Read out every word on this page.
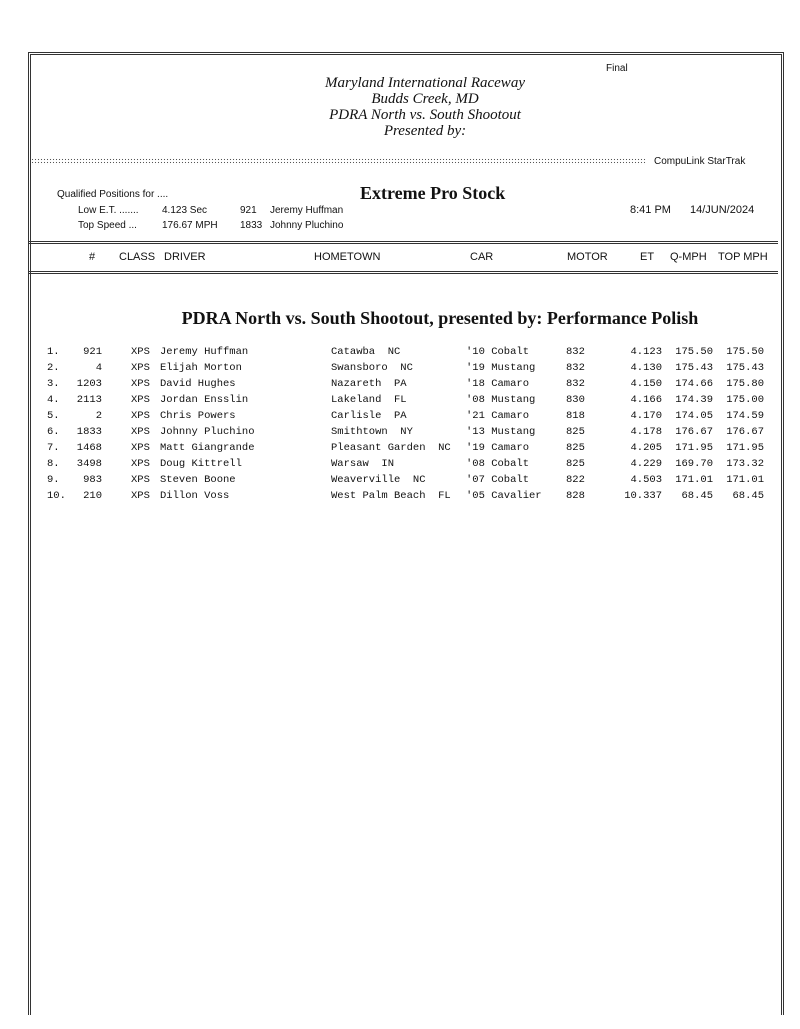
Final
Maryland International Raceway
Budds Creek, MD
PDRA North vs. South Shootout
Presented by:
CompuLink StarTrak
Qualified Positions for ....
Low E.T. ....... 4.123 Sec	921 Jeremy Huffman
Top Speed ...	176.67 MPH 1833 Johnny Pluchino
Extreme Pro Stock
8:41 PM 14/JUN/2024
# CLASS DRIVER	HOMETOWN	CAR	MOTOR	ET Q-MPH TOP MPH
PDRA North vs. South Shootout, presented by: Performance Polish
1.	921	XPS Jeremy Huffman	Catawba  NC	'10 Cobalt	832	4.123	175.50	175.50
2.	4	XPS Elijah Morton	Swansboro  NC	'19 Mustang	832	4.130	175.43	175.43
3.	1203	XPS David Hughes	Nazareth  PA	'18 Camaro	832	4.150	174.66	175.80
4.	2113	XPS Jordan Ensslin	Lakeland  FL	'08 Mustang	830	4.166	174.39	175.00
5.	2	XPS Chris Powers	Carlisle  PA	'21 Camaro	818	4.170	174.05	174.59
6.	1833	XPS Johnny Pluchino	Smithtown  NY	'13 Mustang	825	4.178	176.67	176.67
7.	1468	XPS Matt Giangrande	Pleasant Garden  NC '19 Camaro	825	4.205	171.95	171.95
8.	3498	XPS Doug Kittrell	Warsaw  IN	'08 Cobalt	825	4.229	169.70	173.32
9.	983	XPS Steven Boone	Weaverville  NC	'07 Cobalt	822	4.503	171.01	171.01
10.	210	XPS Dillon Voss	West Palm Beach  FL '05 Cavalier 828	10.337	68.45	68.45
